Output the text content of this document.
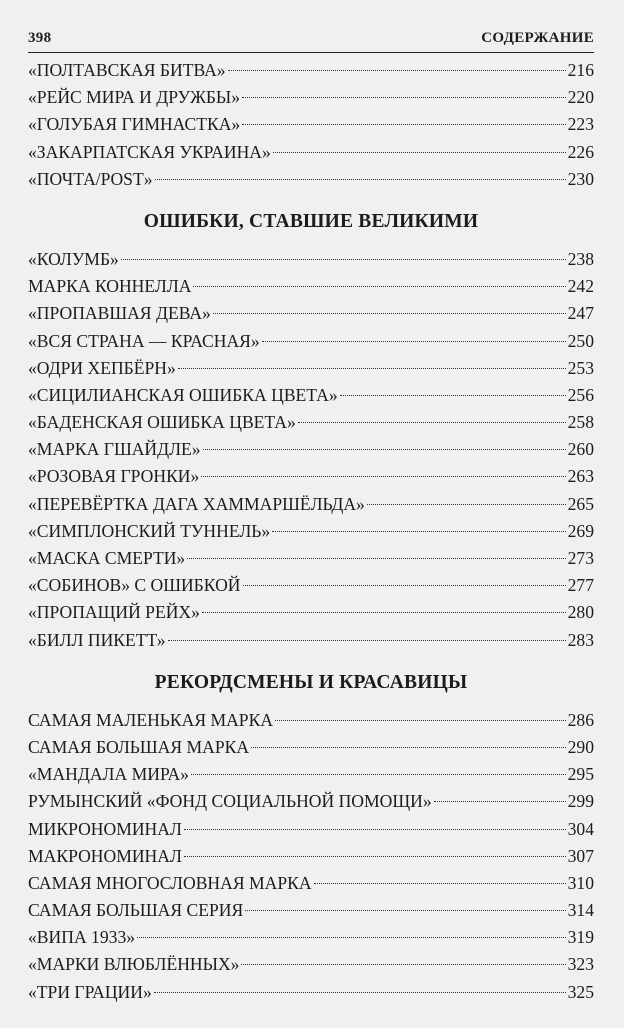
398	СОДЕРЖАНИЕ
«ПОЛТАВСКАЯ БИТВА»	216
«РЕЙС МИРА И ДРУЖБЫ»	220
«ГОЛУБАЯ ГИМНАСТКА»	223
«ЗАКАРПАТСКАЯ УКРАИНА»	226
«ПОЧТА/POST»	230
ОШИБКИ, СТАВШИЕ ВЕЛИКИМИ
«КОЛУМБ»	238
МАРКА КОННЕЛЛА	242
«ПРОПАВШАЯ ДЕВА»	247
«ВСЯ СТРАНА — КРАСНАЯ»	250
«ОДРИ ХЕПБЁРН»	253
«СИЦИЛИАНСКАЯ ОШИБКА ЦВЕТА»	256
«БАДЕНСКАЯ ОШИБКА ЦВЕТА»	258
«МАРКА ГШАЙДЛЕ»	260
«РОЗОВАЯ ГРОНКИ»	263
«ПЕРЕВЁРТКА ДАГА ХАММАРШЁЛЬДА»	265
«СИМПЛОНСКИЙ ТУННЕЛЬ»	269
«МАСКА СМЕРТИ»	273
«СОБИНОВ» С ОШИБКОЙ	277
«ПРОПАЩИЙ РЕЙХ»	280
«БИЛЛ ПИКЕТТ»	283
РЕКОРДСМЕНЫ И КРАСАВИЦЫ
САМАЯ МАЛЕНЬКАЯ МАРКА	286
САМАЯ БОЛЬШАЯ МАРКА	290
«МАНДАЛА МИРА»	295
РУМЫНСКИЙ «ФОНД СОЦИАЛЬНОЙ ПОМОЩИ»	299
МИКРОНОМИНАЛ	304
МАКРОНОМИНАЛ	307
САМАЯ МНОГОСЛОВНАЯ МАРКА	310
САМАЯ БОЛЬШАЯ СЕРИЯ	314
«ВИПА 1933»	319
«МАРКИ ВЛЮБЛЁННЫХ»	323
«ТРИ ГРАЦИИ»	325
